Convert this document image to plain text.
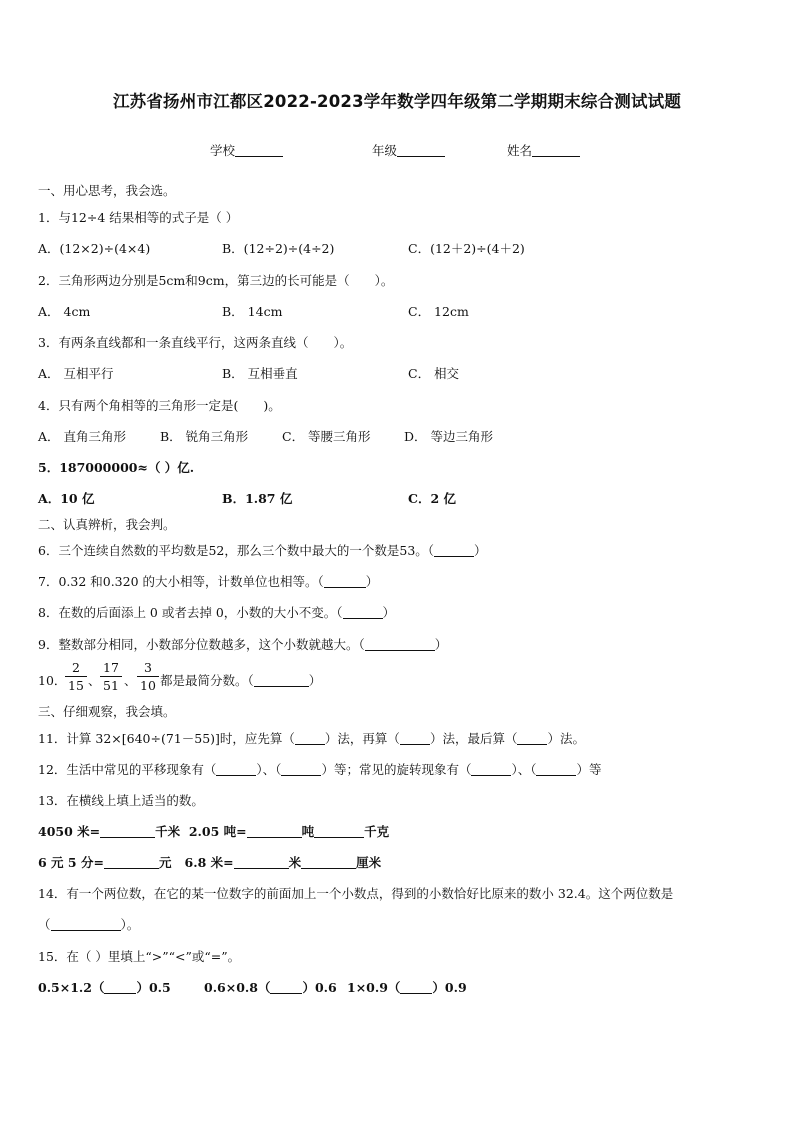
江苏省扬州市江都区2022-2023学年数学四年级第二学期期末综合测试试题
学校	年级	姓名
一、用心思考，我会选。
1．与12÷4 结果相等的式子是（ ）
A．(12×2)÷(4×4)	B．(12÷2)÷(4÷2)	C．(12＋2)÷(4＋2)
2．三角形两边分别是5cm和9cm，第三边的长可能是（　　）。
A． 4cm	B． 14cm	C． 12cm
3．有两条直线都和一条直线平行，这两条直线（　　）。
A． 互相平行	B． 互相垂直	C． 相交
4．只有两个角相等的三角形一定是(　　)。
A． 直角三角形	B． 锐角三角形	C． 等腰三角形	D． 等边三角形
5．187000000≈（ ）亿.
A．10 亿	B．1.87 亿	C．2 亿
二、认真辨析，我会判。
6．三个连续自然数的平均数是52，那么三个数中最大的一个数是53。（	）
7．0.32 和0.320 的大小相等，计数单位也相等。（	）
8．在数的后面添上 0 或者去掉 0，小数的大小不变。（	）
9．整数部分相同，小数部分位数越多，这个小数就越大。（	）
10．
$\frac{2}{15}$ 、 $\frac{17}{51}$ 、 $\frac{3}{10}$ 都是最简分数。（	）
三、仔细观察，我会填。
11．计算 32×[640÷(71－55)]时，应先算（ ）法，再算（ ）法，最后算（ ）法。
12．生活中常见的平移现象有（	）、（	）等；常见的旋转现象有（	）、（	）等
13．在横线上填上适当的数。
4050 米=	千米 2.05 吨=	吨	千克
6 元 5 分=	元 6.8 米=	米	厘米
14．有一个两位数，在它的某一位数字的前面加上一个小数点，得到的小数恰好比原来的数小 32.4。这个两位数是
（	）。
15．在（ ）里填上“>”“<”或“=”。
0.5×1.2（	）0.5	0.6×0.8（	）0.6 1×0.9（	）0.9
